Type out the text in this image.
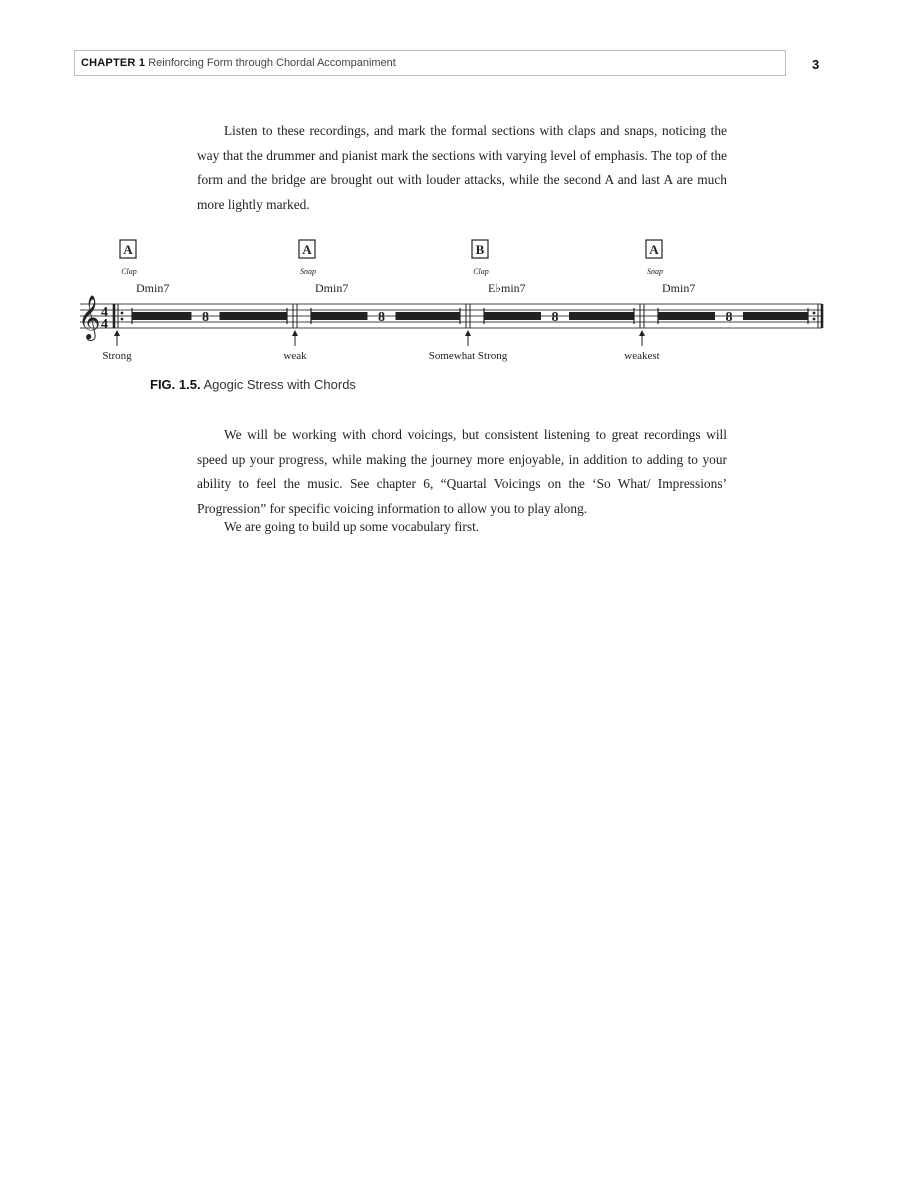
CHAPTER 1 Reinforcing Form through Chordal Accompaniment	3

Listen to these recordings, and mark the formal sections with claps and snaps, noticing the way that the drummer and pianist mark the sections with varying level of emphasis. The top of the form and the bridge are brought out with louder attacks, while the second A and last A are much more lightly marked.

𝄞 4
4
A
Clap
Dmin7
8
Strong
A
Snap
Dmin7
8
weak
B
Clap
E♭min7
8
Somewhat Strong
A
Snap
Dmin7
8
weakest
FIG. 1.5. Agogic Stress with Chords

We will be working with chord voicings, but consistent listening to great recordings will speed up your progress, while making the journey more enjoyable, in addition to adding to your ability to feel the music. See chapter 6, “Quartal Voicings on the ‘So What/ Impressions’ Progression” for specific voicing information to allow you to play along.

We are going to build up some vocabulary first.
